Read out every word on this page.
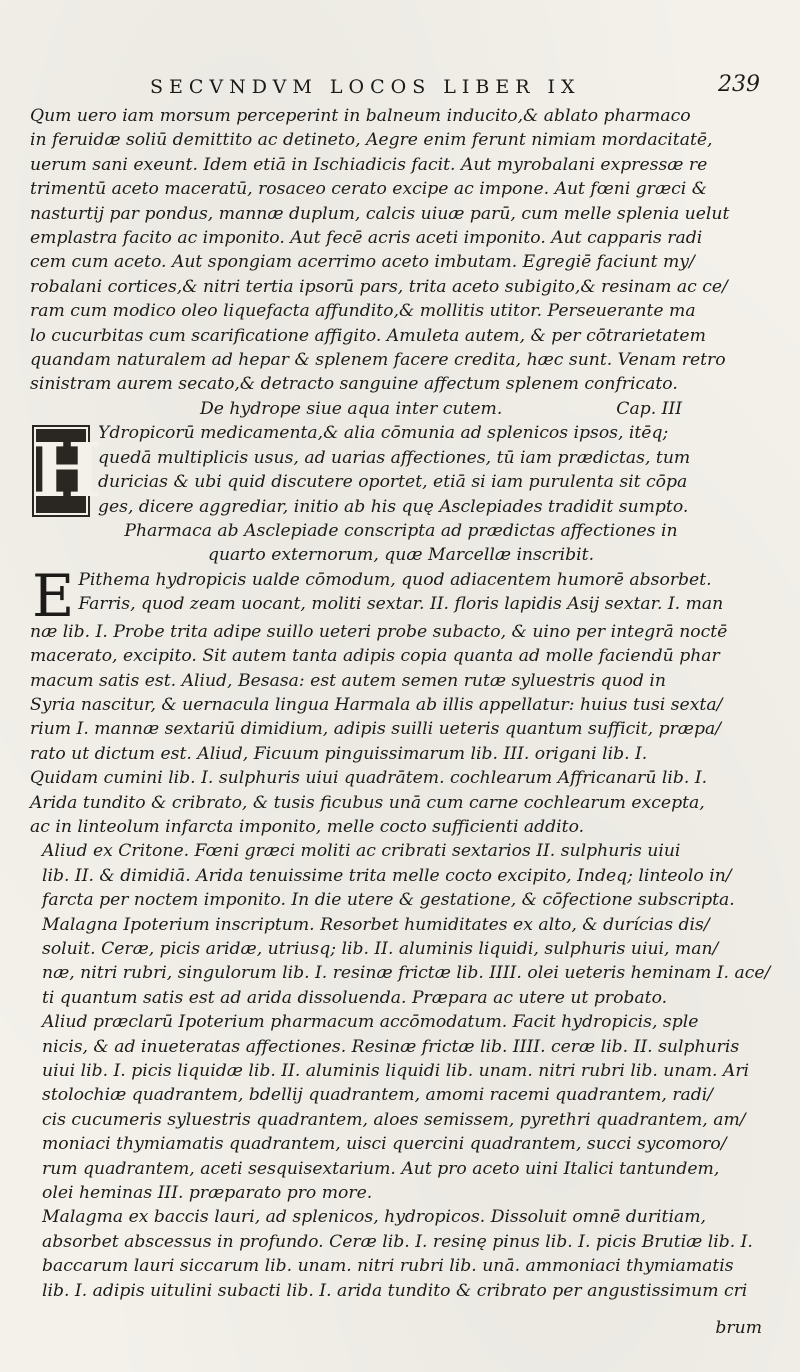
SECVNDVM LOCOS LIBER IX	239

Qum uero iam morsum perceperint in balneum inducito,& ablato pharmaco
in feruidæ soliū demittito ac detineto, Aegre enim ferunt nimiam mordacitatē,
uerum sani exeunt. Idem etiā in Ischiadicis facit. Aut myrobalani expressæ re
trimentū aceto maceratū, rosaceo cerato excipe ac impone. Aut fœni græci &
nasturtij par pondus, mannæ duplum, calcis uiuæ parū, cum melle splenia uelut
emplastra facito ac imponito. Aut fecē acris aceti imponito. Aut capparis radi
cem cum aceto. Aut spongiam acerrimo aceto imbutam. Egregiē faciunt my/
robalani cortices,& nitri tertia ipsorū pars, trita aceto subigito,& resinam ac ce/
ram cum modico oleo liquefacta affundito,& mollitis utitor. Perseuerante ma
lo cucurbitas cum scarificatione affigito. Amuleta autem, & per cōtrarietatem
quandam naturalem ad hepar & splenem facere credita, hæc sunt. Venam retro
sinistram aurem secato,& detracto sanguine affectum splenem confricato.

De hydrope siue aqua inter cutem.	Cap. III

H
Ydropicorū medicamenta,& alia cōmunia ad splenicos ipsos, itēq;
quedā multiplicis usus, ad uarias affectiones, tū iam prædictas, tum
duricias & ubi quid discutere oportet, etiā si iam purulenta sit cōpa
ges, dicere aggrediar, initio ab his quę Asclepiades tradidit sumpto.

Pharmaca ab Asclepiade conscripta ad prædictas affectiones in
quarto externorum, quæ Marcellæ inscribit.

E Pithema hydropicis ualde cōmodum, quod adiacentem humorē absorbet.
Farris, quod zeam uocant, moliti sextar. II. floris lapidis Asij sextar. I. man
næ lib. I. Probe trita adipe suillo ueteri probe subacto, & uino per integrā noctē
macerato, excipito. Sit autem tanta adipis copia quanta ad molle faciendū phar
macum satis est. Aliud, Besasa: est autem semen rutæ syluestris quod in
Syria nascitur, & uernacula lingua Harmala ab illis appellatur: huius tusi sexta/
rium I. mannæ sextariū dimidium, adipis suilli ueteris quantum sufficit, præpa/
rato ut dictum est. Aliud, Ficuum pinguissimarum lib. III. origani lib. I.
Quidam cumini lib. I. sulphuris uiui quadrātem. cochlearum Affricanarū lib. I.
Arida tundito & cribrato, & tusis ficubus unā cum carne cochlearum excepta,
ac in linteolum infarcta imponito, melle cocto sufficienti addito.

Aliud ex Critone. Fœni græci moliti ac cribrati sextarios II. sulphuris uiui
lib. II. & dimidiā. Arida tenuissime trita melle cocto excipito, Indeq; linteolo in/
farcta per noctem imponito. In die utere & gestatione, & cōfectione subscripta.

Malagna Ipoterium inscriptum. Resorbet humiditates ex alto, & durícias dis/
soluit. Ceræ, picis aridæ, utriusq; lib. II. aluminis liquidi, sulphuris uiui, man/
næ, nitri rubri, singulorum lib. I. resinæ frictæ lib. IIII. olei ueteris heminam I. ace/
ti quantum satis est ad arida dissoluenda. Præpara ac utere ut probato.

Aliud præclarū Ipoterium pharmacum accōmodatum. Facit hydropicis, sple
nicis, & ad inueteratas affectiones. Resinæ frictæ lib. IIII. ceræ lib. II. sulphuris
uiui lib. I. picis liquidæ lib. II. aluminis liquidi lib. unam. nitri rubri lib. unam. Ari
stolochiæ quadrantem, bdellij quadrantem, amomi racemi quadrantem, radi/
cis cucumeris syluestris quadrantem, aloes semissem, pyrethri quadrantem, am/
moniaci thymiamatis quadrantem, uisci quercini quadrantem, succi sycomoro/
rum quadrantem, aceti sesquisextarium. Aut pro aceto uini Italici tantundem,
olei heminas III. præparato pro more.

Malagma ex baccis lauri, ad splenicos, hydropicos. Dissoluit omnē duritiam,
absorbet abscessus in profundo. Ceræ lib. I. resinę pinus lib. I. picis Brutiæ lib. I.
baccarum lauri siccarum lib. unam. nitri rubri lib. unā. ammoniaci thymiamatis
lib. I. adipis uitulini subacti lib. I. arida tundito & cribrato per angustissimum cri

brum
